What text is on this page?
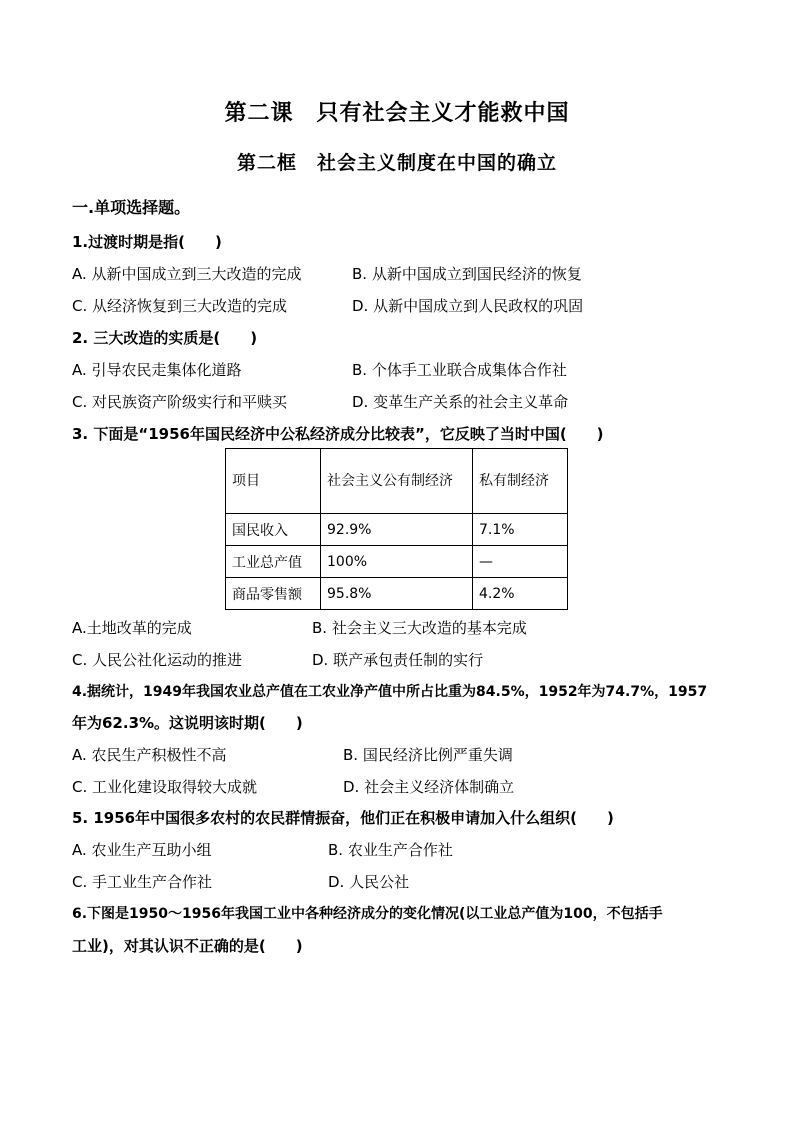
第二课　只有社会主义才能救中国
第二框　社会主义制度在中国的确立
一.单项选择题。
1.过渡时期是指(　　)
A. 从新中国成立到三大改造的完成	B. 从新中国成立到国民经济的恢复
C. 从经济恢复到三大改造的完成	D. 从新中国成立到人民政权的巩固
2. 三大改造的实质是(　　)
A. 引导农民走集体化道路	B. 个体手工业联合成集体合作社
C. 对民族资产阶级实行和平赎买	D. 变革生产关系的社会主义革命
3. 下面是“1956年国民经济中公私经济成分比较表”，它反映了当时中国(　　)
项目	社会主义公有制经济	私有制经济
国民收入	92.9%	7.1%
工业总产值	100%	—
商品零售额	95.8%	4.2%
A.土地改革的完成	B. 社会主义三大改造的基本完成
C. 人民公社化运动的推进	D. 联产承包责任制的实行
4.据统计，1949年我国农业总产值在工农业净产值中所占比重为84.5%，1952年为74.7%，1957
年为62.3%。这说明该时期(　　)
A. 农民生产积极性不高	B. 国民经济比例严重失调
C. 工业化建设取得较大成就	D. 社会主义经济体制确立
5. 1956年中国很多农村的农民群情振奋，他们正在积极申请加入什么组织(　　)
A. 农业生产互助小组	B. 农业生产合作社
C. 手工业生产合作社	D. 人民公社
6.下图是1950～1956年我国工业中各种经济成分的变化情况(以工业总产值为100，不包括手
工业)，对其认识不正确的是(　　)
